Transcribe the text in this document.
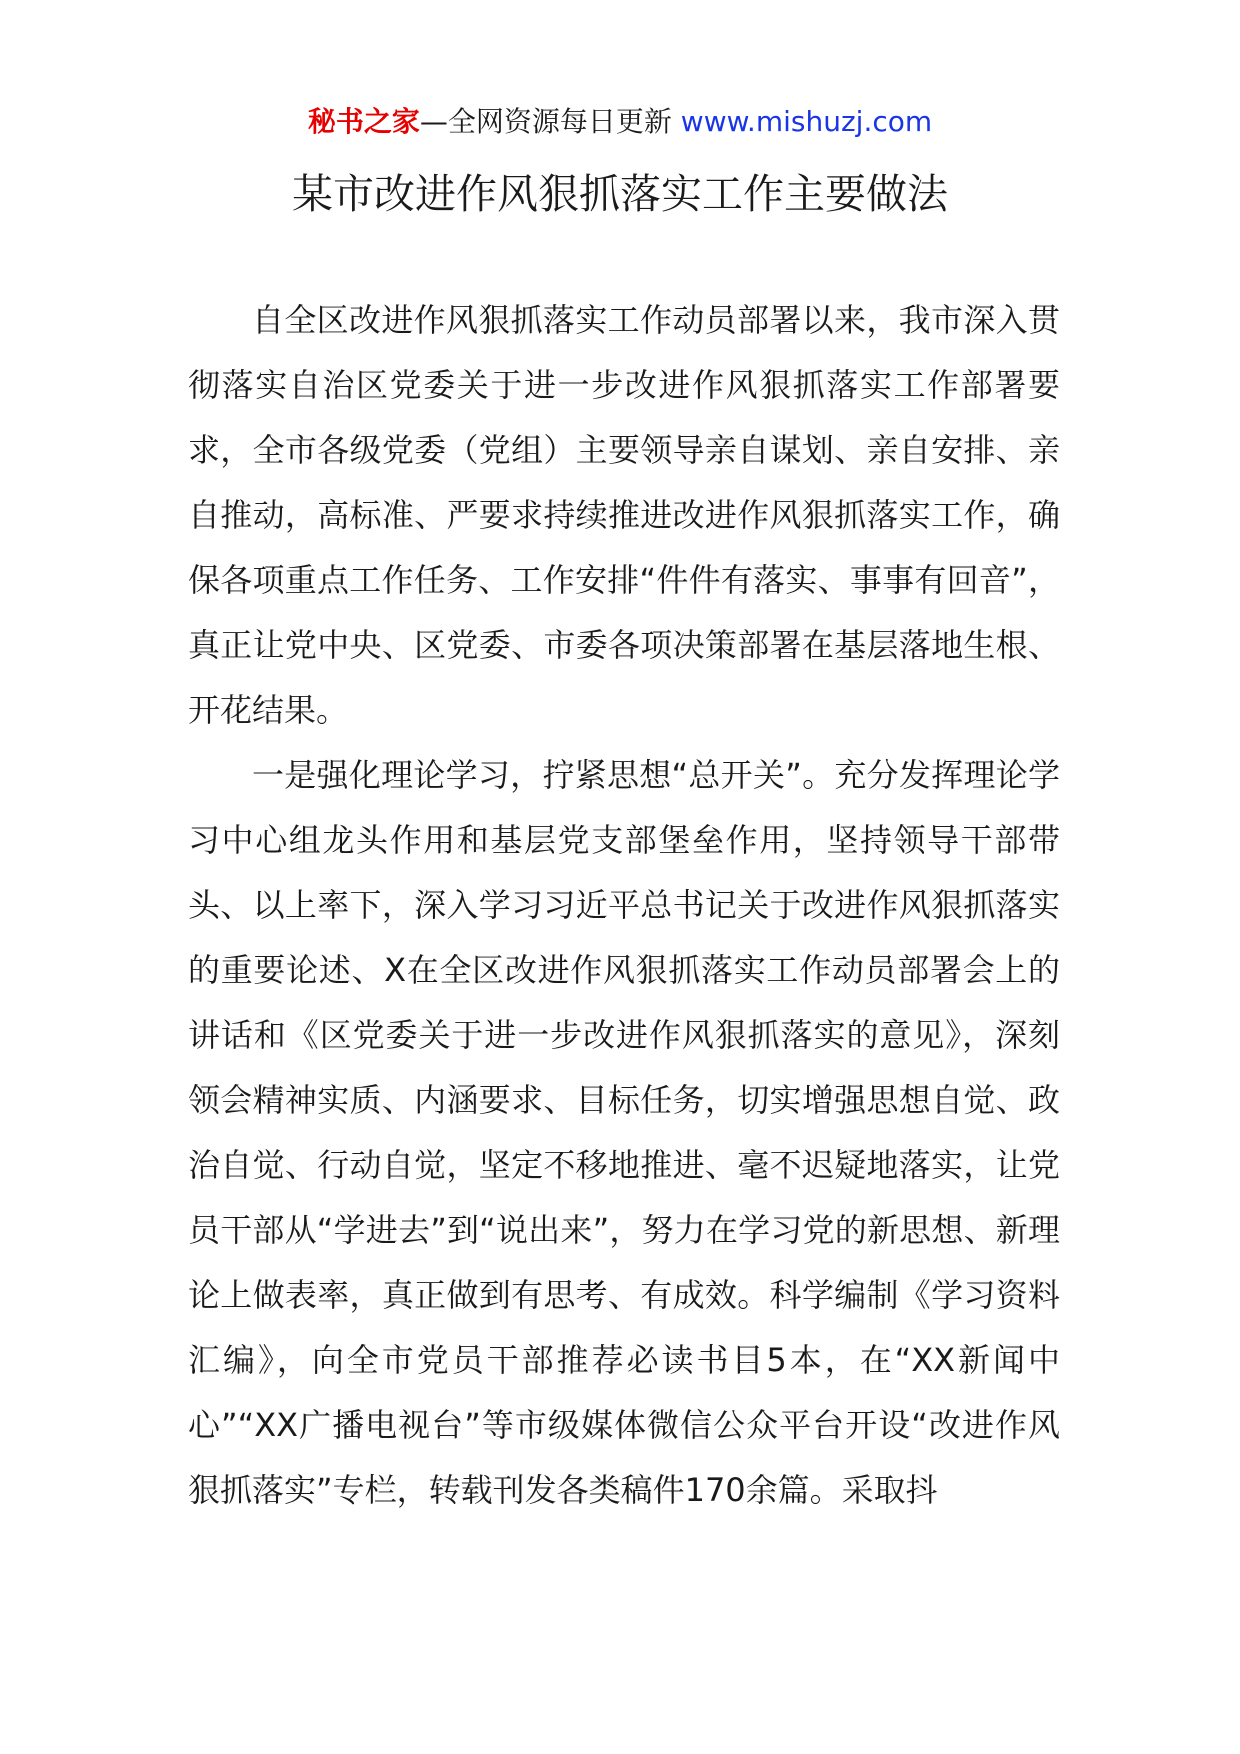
秘书之家—全网资源每日更新 www.mishuzj.com
某市改进作风狠抓落实工作主要做法

自全区改进作风狠抓落实工作动员部署以来，我市深入贯彻落实自治区党委关于进一步改进作风狠抓落实工作部署要求，全市各级党委（党组）主要领导亲自谋划、亲自安排、亲自推动，高标准、严要求持续推进改进作风狠抓落实工作，确保各项重点工作任务、工作安排“件件有落实、事事有回音”，真正让党中央、区党委、市委各项决策部署在基层落地生根、开花结果。

一是强化理论学习，拧紧思想“总开关”。充分发挥理论学习中心组龙头作用和基层党支部堡垒作用，坚持领导干部带头、以上率下，深入学习习近平总书记关于改进作风狠抓落实的重要论述、X在全区改进作风狠抓落实工作动员部署会上的讲话和《区党委关于进一步改进作风狠抓落实的意见》，深刻领会精神实质、内涵要求、目标任务，切实增强思想自觉、政治自觉、行动自觉，坚定不移地推进、毫不迟疑地落实，让党员干部从“学进去”到“说出来”，努力在学习党的新思想、新理论上做表率，真正做到有思考、有成效。科学编制《学习资料汇编》，向全市党员干部推荐必读书目5本，在“XX新闻中心”“XX广播电视台”等市级媒体微信公众平台开设“改进作风狠抓落实”专栏，转载刊发各类稿件170余篇。采取抖
